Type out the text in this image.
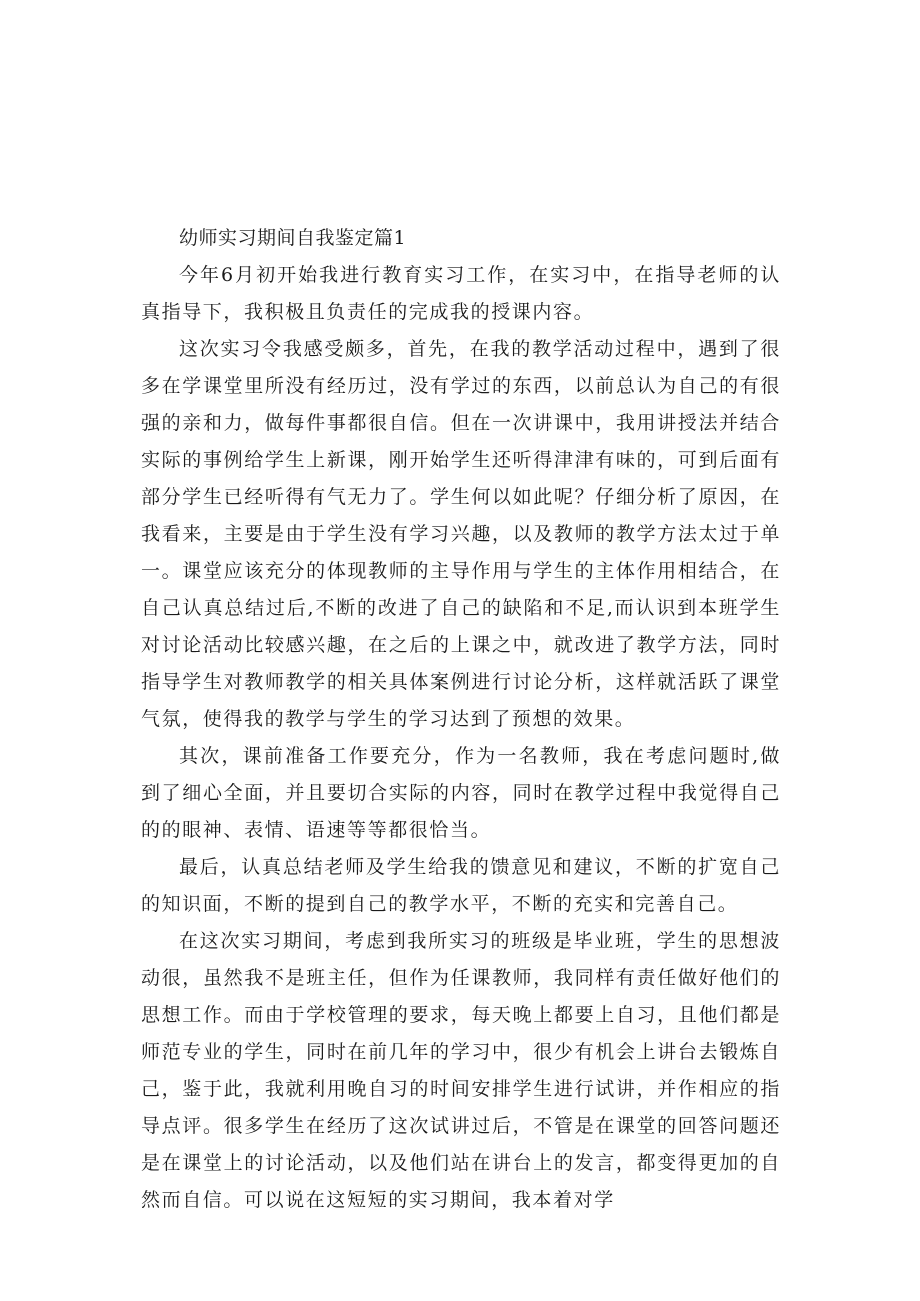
幼师实习期间自我鉴定篇1

今年6月初开始我进行教育实习工作，在实习中，在指导老师的认真指导下，我积极且负责任的完成我的授课内容。

这次实习令我感受颇多，首先，在我的教学活动过程中，遇到了很多在学课堂里所没有经历过，没有学过的东西，以前总认为自己的有很强的亲和力，做每件事都很自信。但在一次讲课中，我用讲授法并结合实际的事例给学生上新课，刚开始学生还听得津津有味的，可到后面有部分学生已经听得有气无力了。学生何以如此呢？仔细分析了原因，在我看来，主要是由于学生没有学习兴趣，以及教师的教学方法太过于单一。课堂应该充分的体现教师的主导作用与学生的主体作用相结合，在自己认真总结过后,不断的改进了自己的缺陷和不足,而认识到本班学生对讨论活动比较感兴趣，在之后的上课之中，就改进了教学方法，同时指导学生对教师教学的相关具体案例进行讨论分析，这样就活跃了课堂气氛，使得我的教学与学生的学习达到了预想的效果。

其次，课前准备工作要充分，作为一名教师，我在考虑问题时,做到了细心全面，并且要切合实际的内容，同时在教学过程中我觉得自己的的眼神、表情、语速等等都很恰当。

最后，认真总结老师及学生给我的馈意见和建议，不断的扩宽自己的知识面，不断的提到自己的教学水平，不断的充实和完善自己。

在这次实习期间，考虑到我所实习的班级是毕业班，学生的思想波动很，虽然我不是班主任，但作为任课教师，我同样有责任做好他们的思想工作。而由于学校管理的要求，每天晚上都要上自习，且他们都是师范专业的学生，同时在前几年的学习中，很少有机会上讲台去锻炼自己，鉴于此，我就利用晚自习的时间安排学生进行试讲，并作相应的指导点评。很多学生在经历了这次试讲过后，不管是在课堂的回答问题还是在课堂上的讨论活动，以及他们站在讲台上的发言，都变得更加的自然而自信。可以说在这短短的实习期间，我本着对学
